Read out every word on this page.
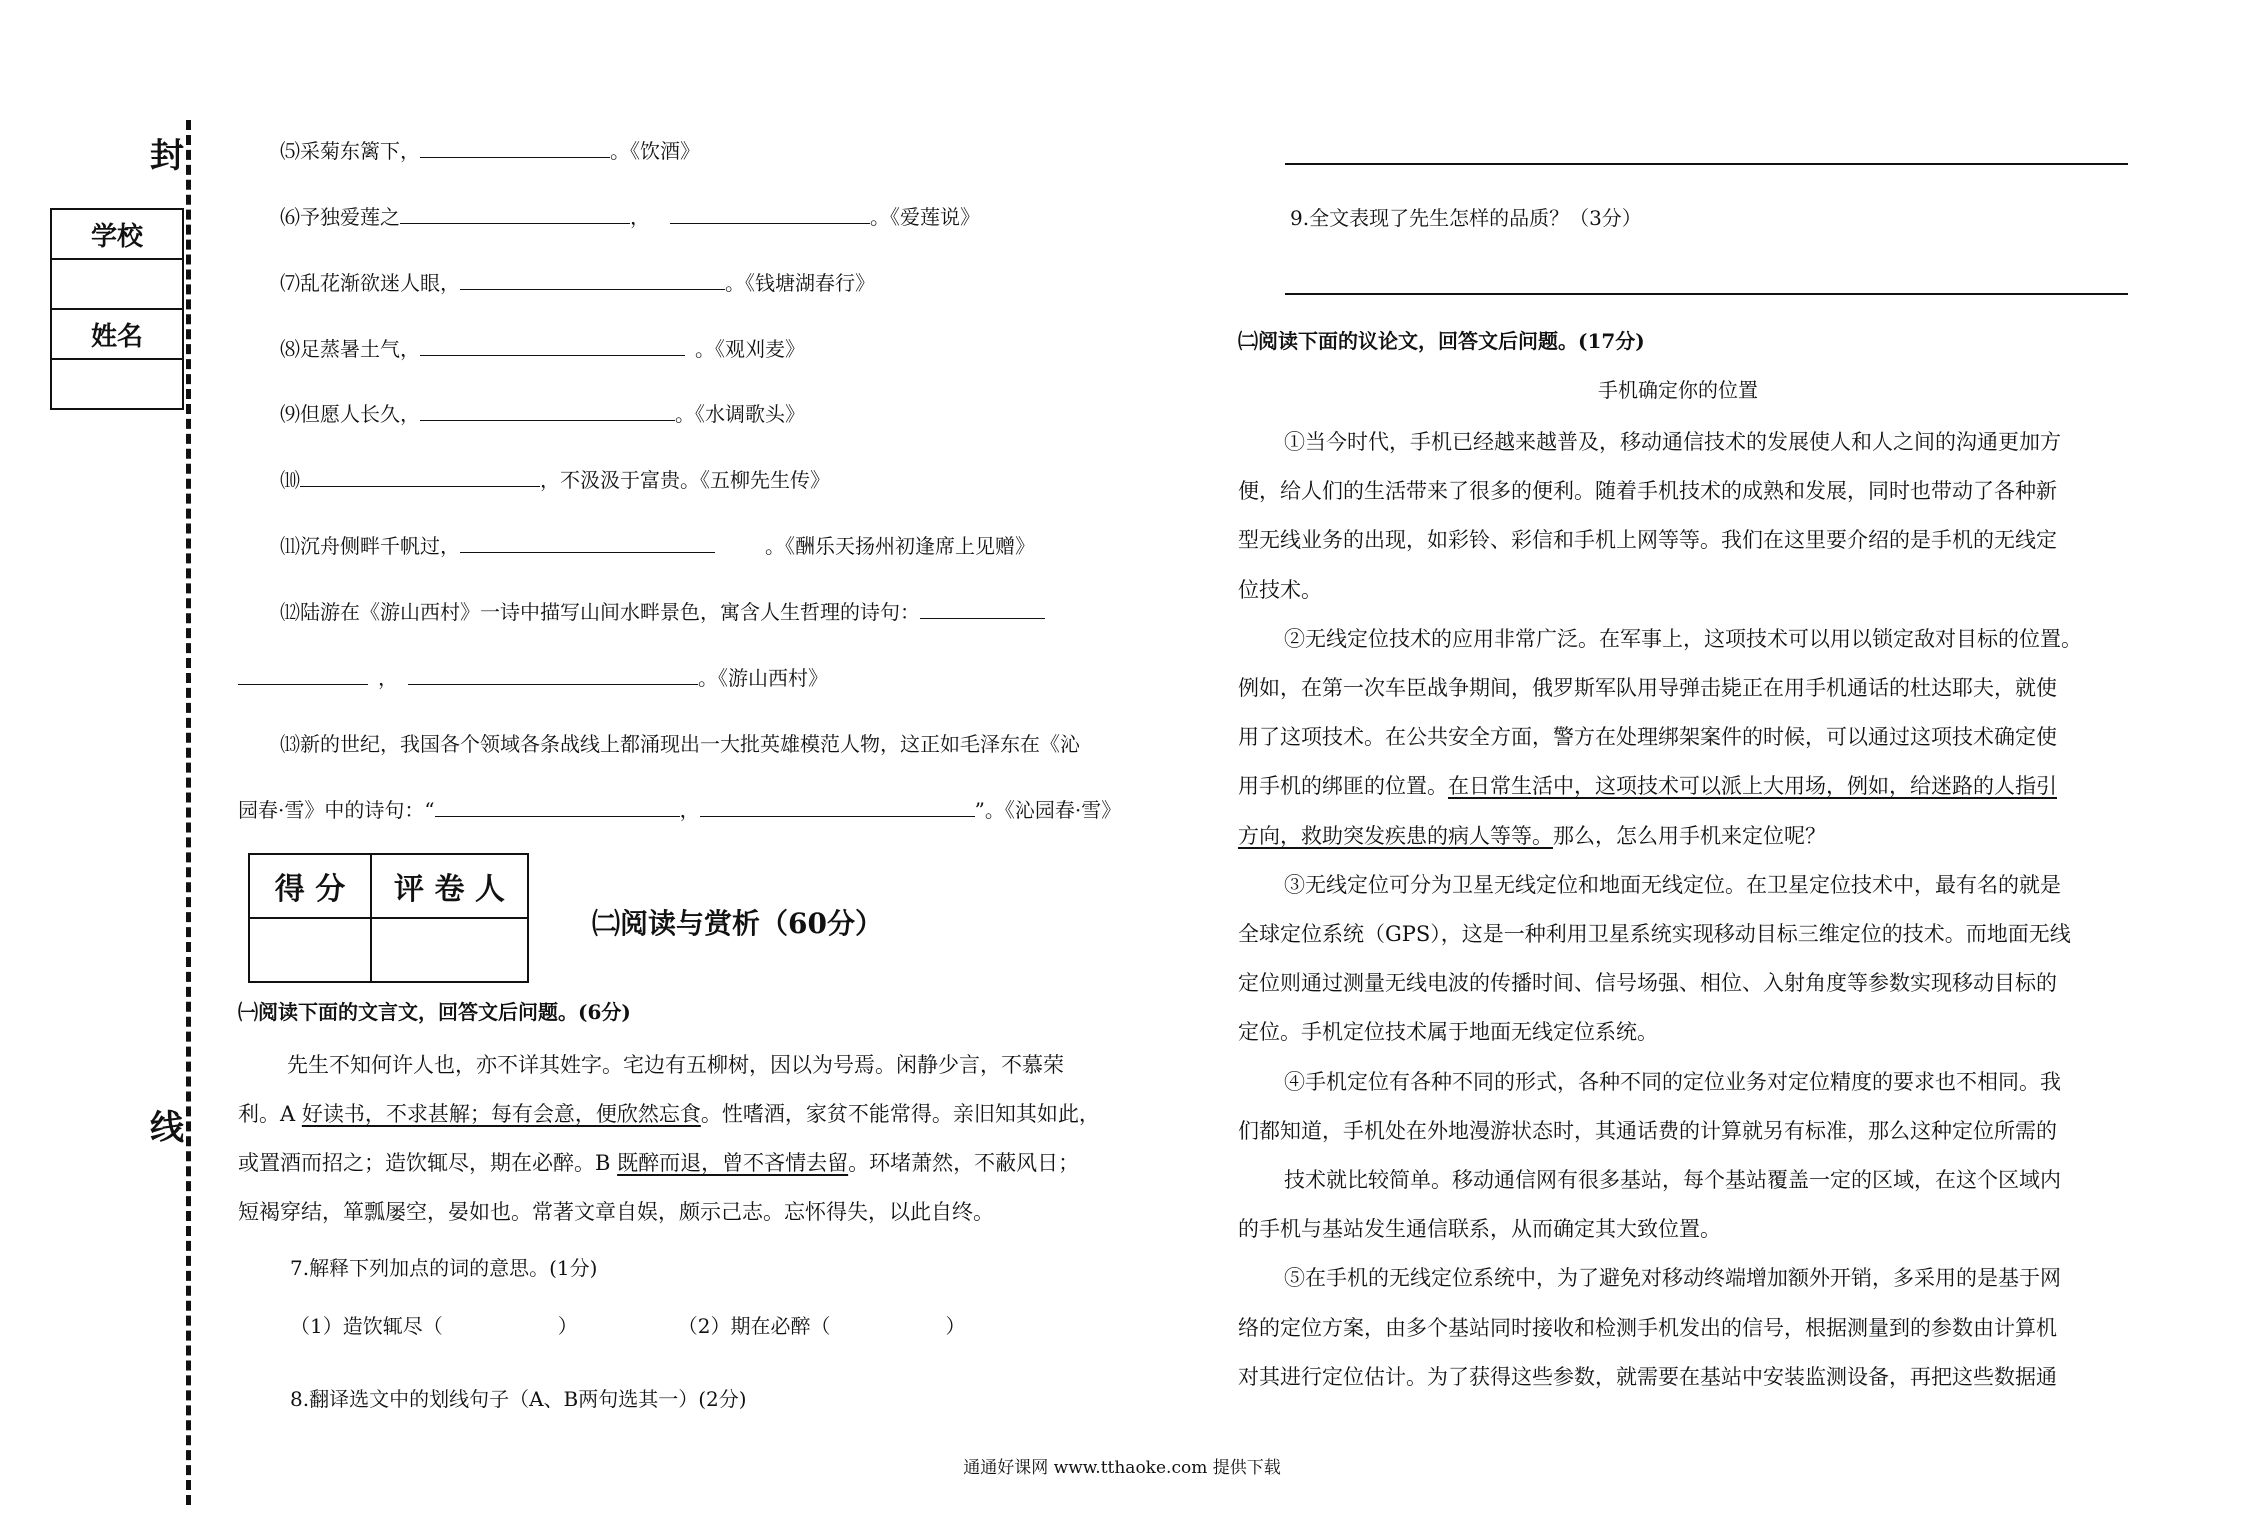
封
线
学校

姓名

⑸采菊东篱下，	。《饮酒》
⑹予独爱莲之	，	。《爱莲说》
⑺乱花渐欲迷人眼，	。《钱塘湖春行》
⑻足蒸暑土气，	。《观刈麦》
⑼但愿人长久，	。《水调歌头》
⑽	，不汲汲于富贵。《五柳先生传》
⑾沉舟侧畔千帆过，	。《酬乐天扬州初逢席上见赠》
⑿陆游在《游山西村》一诗中描写山间水畔景色，寓含人生哲理的诗句：
，	。《游山西村》
⒀新的世纪，我国各个领域各条战线上都涌现出一大批英雄模范人物，这正如毛泽东在《沁
园春·雪》中的诗句：“	，	”。《沁园春·雪》
得 分	评 卷 人

㈡阅读与赏析（60分）
㈠阅读下面的文言文，回答文后问题。(6分)
先生不知何许人也，亦不详其姓字。宅边有五柳树，因以为号焉。闲静少言，不慕荣
利。A 好读书，不求甚解；每有会意，便欣然忘食。性嗜酒，家贫不能常得。亲旧知其如此，
或置酒而招之；造饮辄尽，期在必醉。B 既醉而退，曾不吝情去留。环堵萧然，不蔽风日；
短褐穿结，箪瓢屡空，晏如也。常著文章自娱，颇示己志。忘怀得失，以此自终。
7.解释下列加点的词的意思。(1分)
（1）造饮辄尽（	）	（2）期在必醉（	）
8.翻译选文中的划线句子（A、B两句选其一）(2分)
9.全文表现了先生怎样的品质？（3分）
㈡阅读下面的议论文，回答文后问题。(17分)
手机确定你的位置
①当今时代，手机已经越来越普及，移动通信技术的发展使人和人之间的沟通更加方
便，给人们的生活带来了很多的便利。随着手机技术的成熟和发展，同时也带动了各种新
型无线业务的出现，如彩铃、彩信和手机上网等等。我们在这里要介绍的是手机的无线定
位技术。
②无线定位技术的应用非常广泛。在军事上，这项技术可以用以锁定敌对目标的位置。
例如，在第一次车臣战争期间，俄罗斯军队用导弹击毙正在用手机通话的杜达耶夫，就使
用了这项技术。在公共安全方面，警方在处理绑架案件的时候，可以通过这项技术确定使
用手机的绑匪的位置。在日常生活中，这项技术可以派上大用场，例如，给迷路的人指引
方向，救助突发疾患的病人等等。那么，怎么用手机来定位呢？
③无线定位可分为卫星无线定位和地面无线定位。在卫星定位技术中，最有名的就是
全球定位系统（GPS），这是一种利用卫星系统实现移动目标三维定位的技术。而地面无线
定位则通过测量无线电波的传播时间、信号场强、相位、入射角度等参数实现移动目标的
定位。手机定位技术属于地面无线定位系统。
④手机定位有各种不同的形式，各种不同的定位业务对定位精度的要求也不相同。我
们都知道，手机处在外地漫游状态时，其通话费的计算就另有标准，那么这种定位所需的
技术就比较简单。移动通信网有很多基站，每个基站覆盖一定的区域，在这个区域内
的手机与基站发生通信联系，从而确定其大致位置。
⑤在手机的无线定位系统中，为了避免对移动终端增加额外开销，多采用的是基于网
络的定位方案，由多个基站同时接收和检测手机发出的信号，根据测量到的参数由计算机
对其进行定位估计。为了获得这些参数，就需要在基站中安装监测设备，再把这些数据通
通通好课网 www.tthaoke.com 提供下载
